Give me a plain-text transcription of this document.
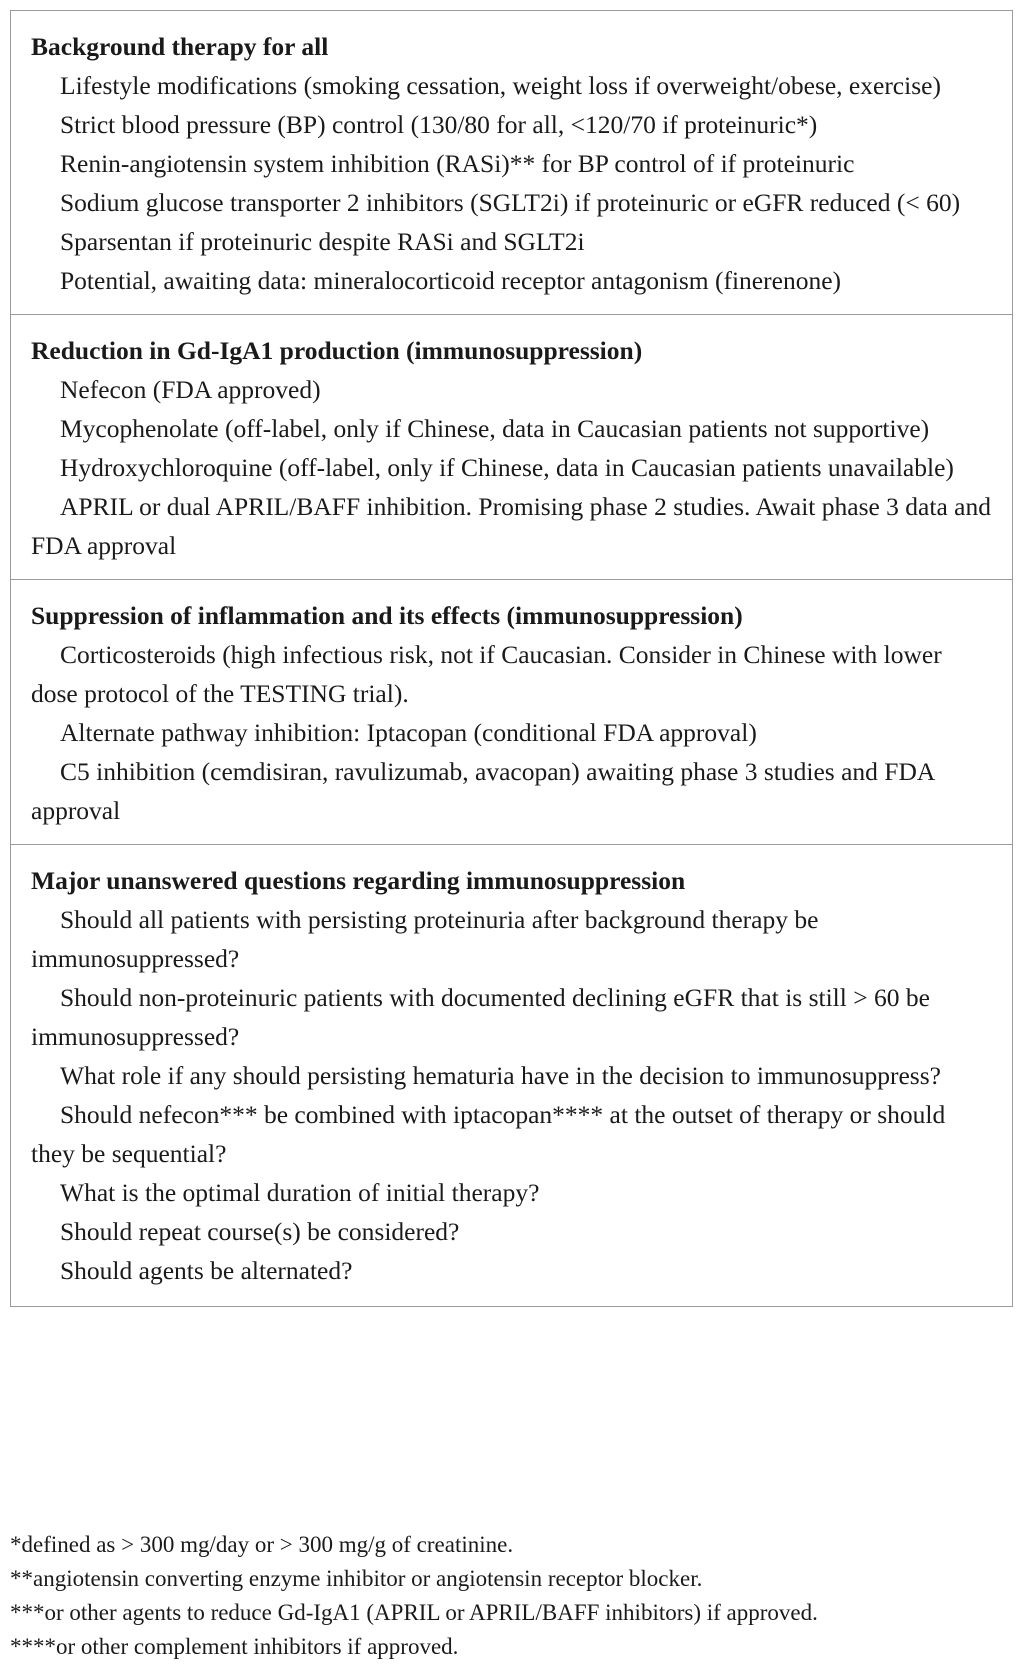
Background therapy for all
Lifestyle modifications (smoking cessation, weight loss if overweight/obese, exercise)
Strict blood pressure (BP) control (130/80 for all, <120/70 if proteinuric*)
Renin-angiotensin system inhibition (RASi)** for BP control of if proteinuric
Sodium glucose transporter 2 inhibitors (SGLT2i) if proteinuric or eGFR reduced (< 60)
Sparsentan if proteinuric despite RASi and SGLT2i
Potential, awaiting data: mineralocorticoid receptor antagonism (finerenone)
Reduction in Gd-IgA1 production (immunosuppression)
Nefecon (FDA approved)
Mycophenolate (off-label, only if Chinese, data in Caucasian patients not supportive)
Hydroxychloroquine (off-label, only if Chinese, data in Caucasian patients unavailable)
APRIL or dual APRIL/BAFF inhibition. Promising phase 2 studies. Await phase 3 data and FDA approval
Suppression of inflammation and its effects (immunosuppression)
Corticosteroids (high infectious risk, not if Caucasian. Consider in Chinese with lower dose protocol of the TESTING trial).
Alternate pathway inhibition: Iptacopan (conditional FDA approval)
C5 inhibition (cemdisiran, ravulizumab, avacopan) awaiting phase 3 studies and FDA approval
Major unanswered questions regarding immunosuppression
Should all patients with persisting proteinuria after background therapy be immunosuppressed?
Should non-proteinuric patients with documented declining eGFR that is still > 60 be immunosuppressed?
What role if any should persisting hematuria have in the decision to immunosuppress?
Should nefecon*** be combined with iptacopan**** at the outset of therapy or should they be sequential?
What is the optimal duration of initial therapy?
Should repeat course(s) be considered?
Should agents be alternated?
*defined as > 300 mg/day or > 300 mg/g of creatinine.
**angiotensin converting enzyme inhibitor or angiotensin receptor blocker.
***or other agents to reduce Gd-IgA1 (APRIL or APRIL/BAFF inhibitors) if approved.
****or other complement inhibitors if approved.
